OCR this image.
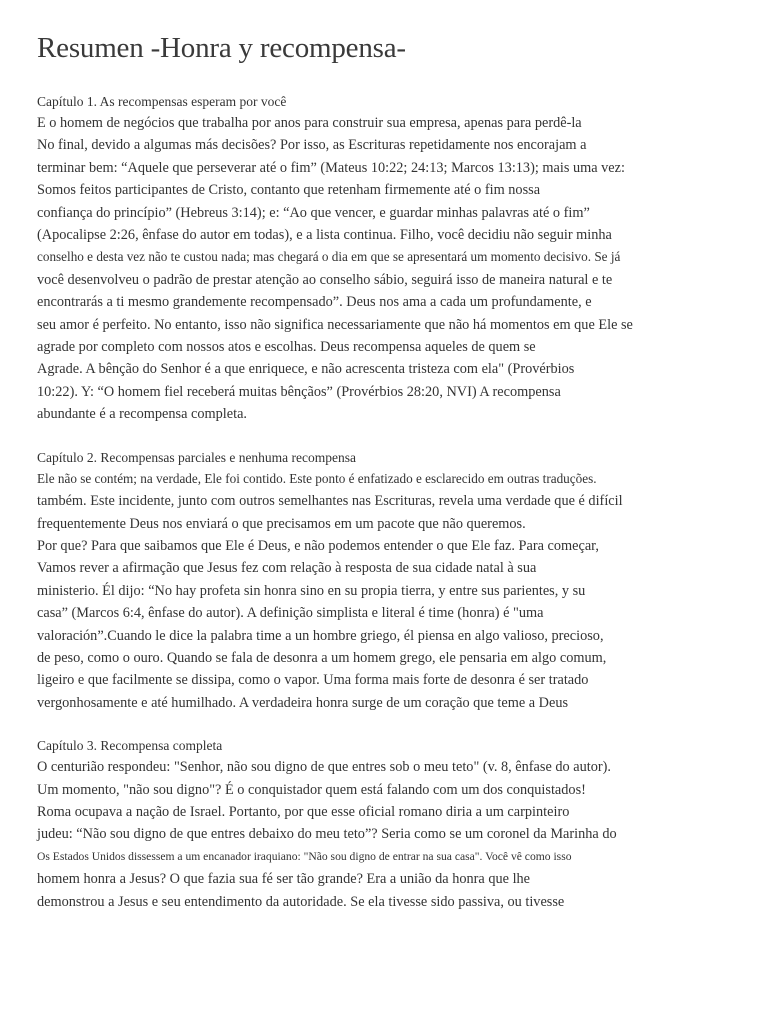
Resumen -Honra y recompensa-
Capítulo 1. As recompensas esperam por você
E o homem de negócios que trabalha por anos para construir sua empresa, apenas para perdê-la
No final, devido a algumas más decisões? Por isso, as Escrituras repetidamente nos encorajam a
terminar bem: “Aquele que perseverar até o fim” (Mateus 10:22; 24:13; Marcos 13:13); mais uma vez:
Somos feitos participantes de Cristo, contanto que retenham firmemente até o fim nossa
confiança do princípio” (Hebreus 3:14); e: “Ao que vencer, e guardar minhas palavras até o fim”
(Apocalipse 2:26, ênfase do autor em todas), e a lista continua. Filho, você decidiu não seguir minha
conselho e desta vez não te custou nada; mas chegará o dia em que se apresentará um momento decisivo. Se já
você desenvolveu o padrão de prestar atenção ao conselho sábio, seguirá isso de maneira natural e te
encontrarás a ti mesmo grandemente recompensado”. Deus nos ama a cada um profundamente, e
seu amor é perfeito. No entanto, isso não significa necessariamente que não há momentos em que Ele se
agrade por completo com nossos atos e escolhas. Deus recompensa aqueles de quem se
Agrade. A bênção do Senhor é a que enriquece, e não acrescenta tristeza com ela" (Provérbios
10:22). Y: “O homem fiel receberá muitas bênçãos” (Provérbios 28:20, NVI) A recompensa
abundante é a recompensa completa.
Capítulo 2. Recompensas parciales e nenhuma recompensa
Ele não se contém; na verdade, Ele foi contido. Este ponto é enfatizado e esclarecido em outras traduções.
também. Este incidente, junto com outros semelhantes nas Escrituras, revela uma verdade que é difícil
frequentemente Deus nos enviará o que precisamos em um pacote que não queremos.
Por que? Para que saibamos que Ele é Deus, e não podemos entender o que Ele faz. Para começar,
Vamos rever a afirmação que Jesus fez com relação à resposta de sua cidade natal à sua
ministerio. Él dijo: “No hay profeta sin honra sino en su propia tierra, y entre sus parientes, y su
casa” (Marcos 6:4, ênfase do autor). A definição simplista e literal é time (honra) é "uma
valoración”.Cuando le dice la palabra time a un hombre griego, él piensa en algo valioso, precioso,
de peso, como o ouro. Quando se fala de desonra a um homem grego, ele pensaria em algo comum,
ligeiro e que facilmente se dissipa, como o vapor. Uma forma mais forte de desonra é ser tratado
vergonhosamente e até humilhado. A verdadeira honra surge de um coração que teme a Deus
Capítulo 3. Recompensa completa
O centurião respondeu: "Senhor, não sou digno de que entres sob o meu teto" (v. 8, ênfase do autor).
Um momento, "não sou digno"? É o conquistador quem está falando com um dos conquistados!
Roma ocupava a nação de Israel. Portanto, por que esse oficial romano diria a um carpinteiro
judeu: “Não sou digno de que entres debaixo do meu teto”? Seria como se um coronel da Marinha do
Os Estados Unidos dissessem a um encanador iraquiano: "Não sou digno de entrar na sua casa". Você vê como isso
homem honra a Jesus? O que fazia sua fé ser tão grande? Era a união da honra que lhe
demonstrou a Jesus e seu entendimento da autoridade. Se ela tivesse sido passiva, ou tivesse
